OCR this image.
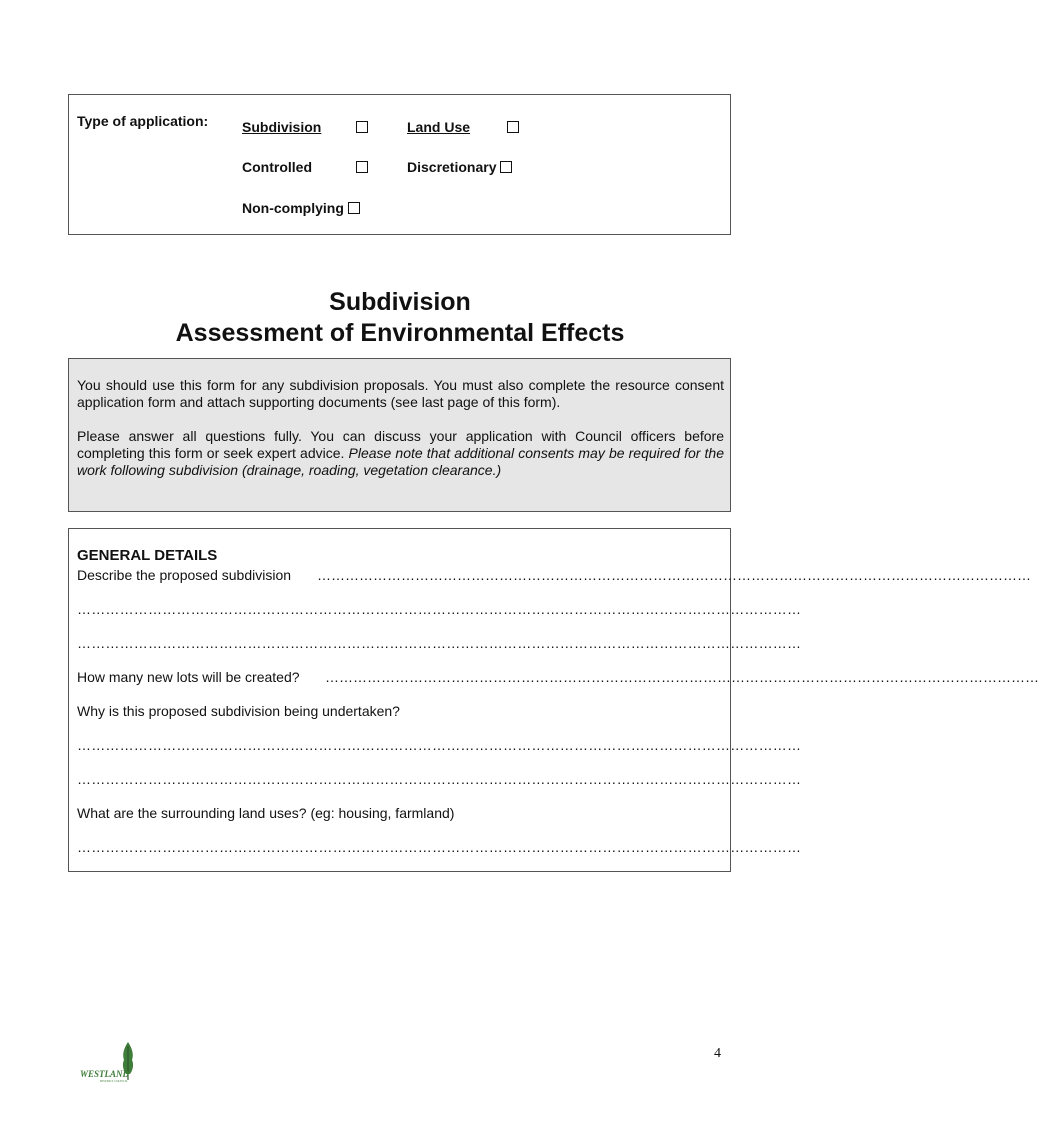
Type of application: Subdivision	Land Use
Controlled	Discretionary
Non-complying
Subdivision
Assessment of Environmental Effects

You should use this form for any subdivision proposals. You must also complete the resource consent application form and attach supporting documents (see last page of this form).

Please answer all questions fully. You can discuss your application with Council officers before completing this form or seek expert advice. Please note that additional consents may be required for the work following subdivision (drainage, roading, vegetation clearance.)

GENERAL DETAILS
Describe the proposed subdivision ………………………………………………………………………………………………………………………………………
………………………………………………………………………………………………………………………………………
………………………………………………………………………………………………………………………………………
How many new lots will be created? ………………………………………………………………………………………………………………………………………
Why is this proposed subdivision being undertaken?
………………………………………………………………………………………………………………………………………
………………………………………………………………………………………………………………………………………
What are the surrounding land uses? (eg: housing, farmland)
………………………………………………………………………………………………………………………………………
WESTLAND
DISTRICT COUNCIL
4
